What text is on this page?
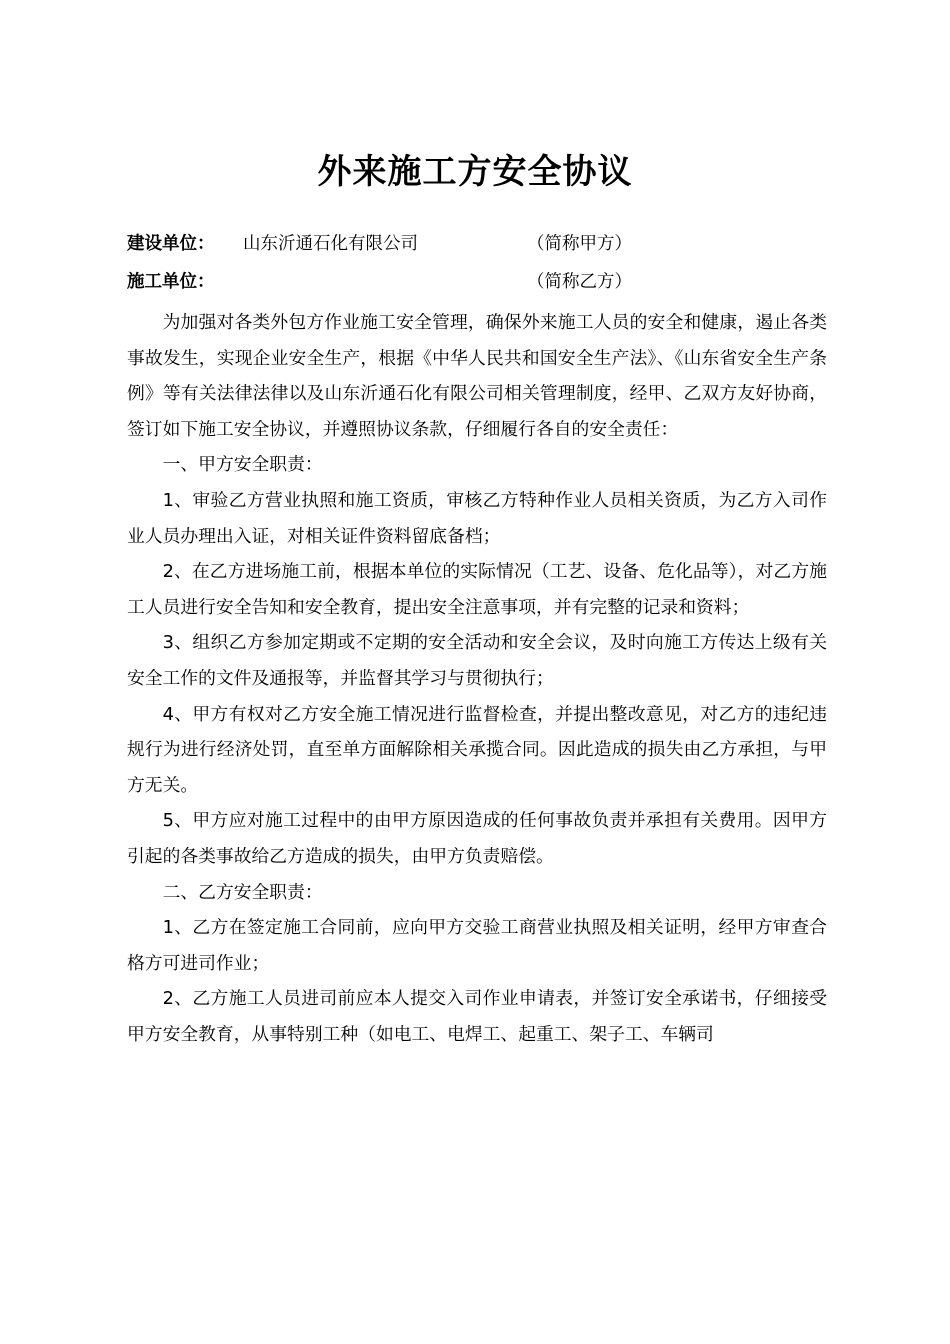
外来施工方安全协议
建设单位： 山东沂通石化有限公司	（简称甲方）
施工单位：	（简称乙方）

为加强对各类外包方作业施工安全管理，确保外来施工人员的安全和健康，遏止各类事故发生，实现企业安全生产，根据《中华人民共和国安全生产法》、《山东省安全生产条例》等有关法律法律以及山东沂通石化有限公司相关管理制度，经甲、乙双方友好协商，签订如下施工安全协议，并遵照协议条款，仔细履行各自的安全责任：

一、甲方安全职责：

1、审验乙方营业执照和施工资质，审核乙方特种作业人员相关资质，为乙方入司作业人员办理出入证，对相关证件资料留底备档；

2、在乙方进场施工前，根据本单位的实际情况（工艺、设备、危化品等），对乙方施工人员进行安全告知和安全教育，提出安全注意事项，并有完整的记录和资料；

3、组织乙方参加定期或不定期的安全活动和安全会议，及时向施工方传达上级有关安全工作的文件及通报等，并监督其学习与贯彻执行；

4、甲方有权对乙方安全施工情况进行监督检查，并提出整改意见，对乙方的违纪违规行为进行经济处罚，直至单方面解除相关承揽合同。因此造成的损失由乙方承担，与甲方无关。

5、甲方应对施工过程中的由甲方原因造成的任何事故负责并承担有关费用。因甲方引起的各类事故给乙方造成的损失，由甲方负责赔偿。

二、乙方安全职责：

1、乙方在签定施工合同前，应向甲方交验工商营业执照及相关证明，经甲方审查合格方可进司作业；

2、乙方施工人员进司前应本人提交入司作业申请表，并签订安全承诺书，仔细接受甲方安全教育，从事特别工种（如电工、电焊工、起重工、架子工、车辆司
